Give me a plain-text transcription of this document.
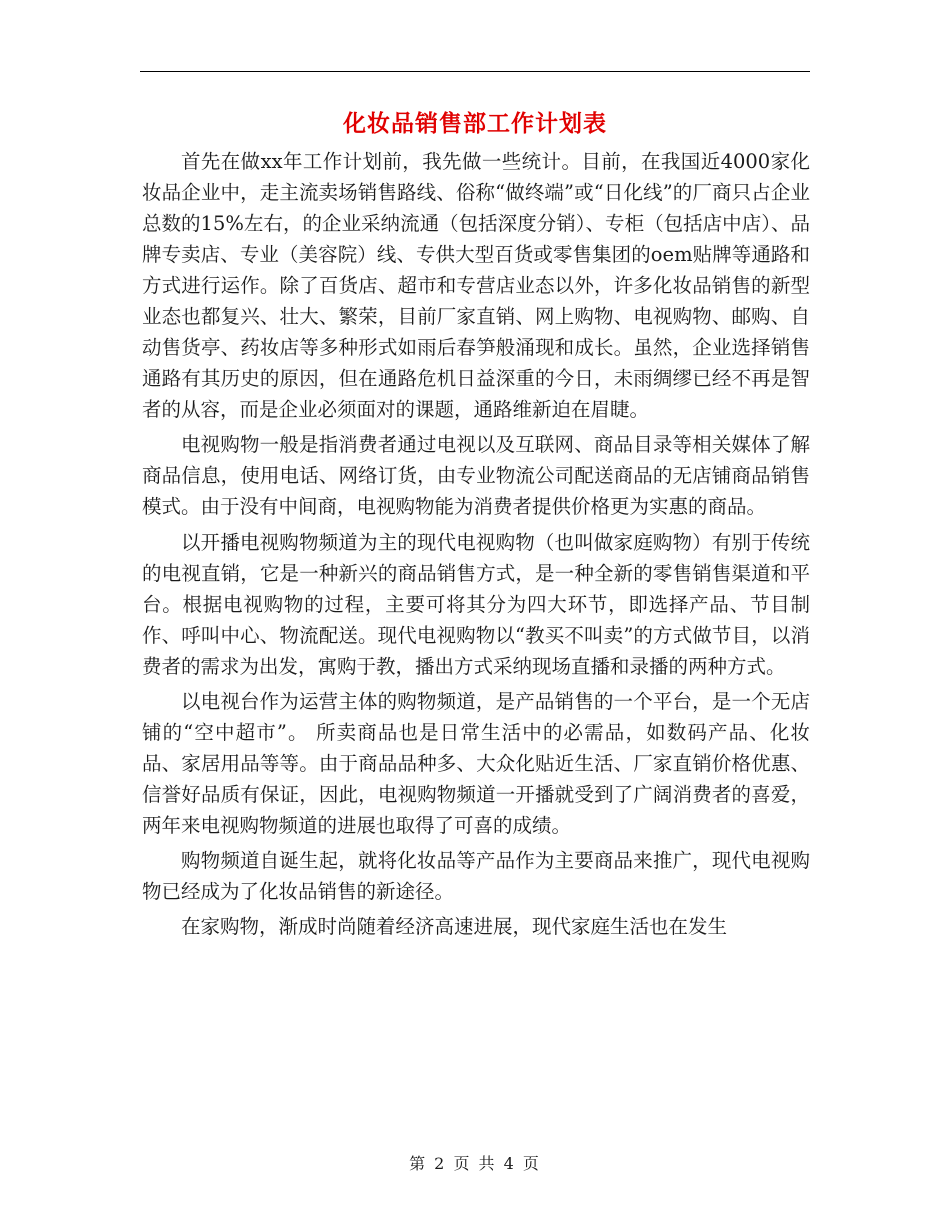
化妆品销售部工作计划表

首先在做xx年工作计划前，我先做一些统计。目前，在我国近4000家化妆品企业中，走主流卖场销售路线、俗称“做终端”或“日化线”的厂商只占企业总数的15%左右，的企业采纳流通（包括深度分销）、专柜（包括店中店）、品牌专卖店、专业（美容院）线、专供大型百货或零售集团的oem贴牌等通路和方式进行运作。除了百货店、超市和专营店业态以外，许多化妆品销售的新型业态也都复兴、壮大、繁荣，目前厂家直销、网上购物、电视购物、邮购、自动售货亭、药妆店等多种形式如雨后春笋般涌现和成长。虽然，企业选择销售通路有其历史的原因，但在通路危机日益深重的今日，未雨绸缪已经不再是智者的从容，而是企业必须面对的课题，通路维新迫在眉睫。

电视购物一般是指消费者通过电视以及互联网、商品目录等相关媒体了解商品信息，使用电话、网络订货，由专业物流公司配送商品的无店铺商品销售模式。由于没有中间商，电视购物能为消费者提供价格更为实惠的商品。

以开播电视购物频道为主的现代电视购物（也叫做家庭购物）有别于传统的电视直销，它是一种新兴的商品销售方式，是一种全新的零售销售渠道和平台。根据电视购物的过程，主要可将其分为四大环节，即选择产品、节目制作、呼叫中心、物流配送。现代电视购物以“教买不叫卖”的方式做节目，以消费者的需求为出发，寓购于教，播出方式采纳现场直播和录播的两种方式。

以电视台作为运营主体的购物频道，是产品销售的一个平台，是一个无店铺的“空中超市”。 所卖商品也是日常生活中的必需品，如数码产品、化妆品、家居用品等等。由于商品品种多、大众化贴近生活、厂家直销价格优惠、信誉好品质有保证，因此，电视购物频道一开播就受到了广阔消费者的喜爱，两年来电视购物频道的进展也取得了可喜的成绩。

购物频道自诞生起，就将化妆品等产品作为主要商品来推广，现代电视购物已经成为了化妆品销售的新途径。

在家购物，渐成时尚随着经济高速进展，现代家庭生活也在发生

第 2 页 共 4 页
